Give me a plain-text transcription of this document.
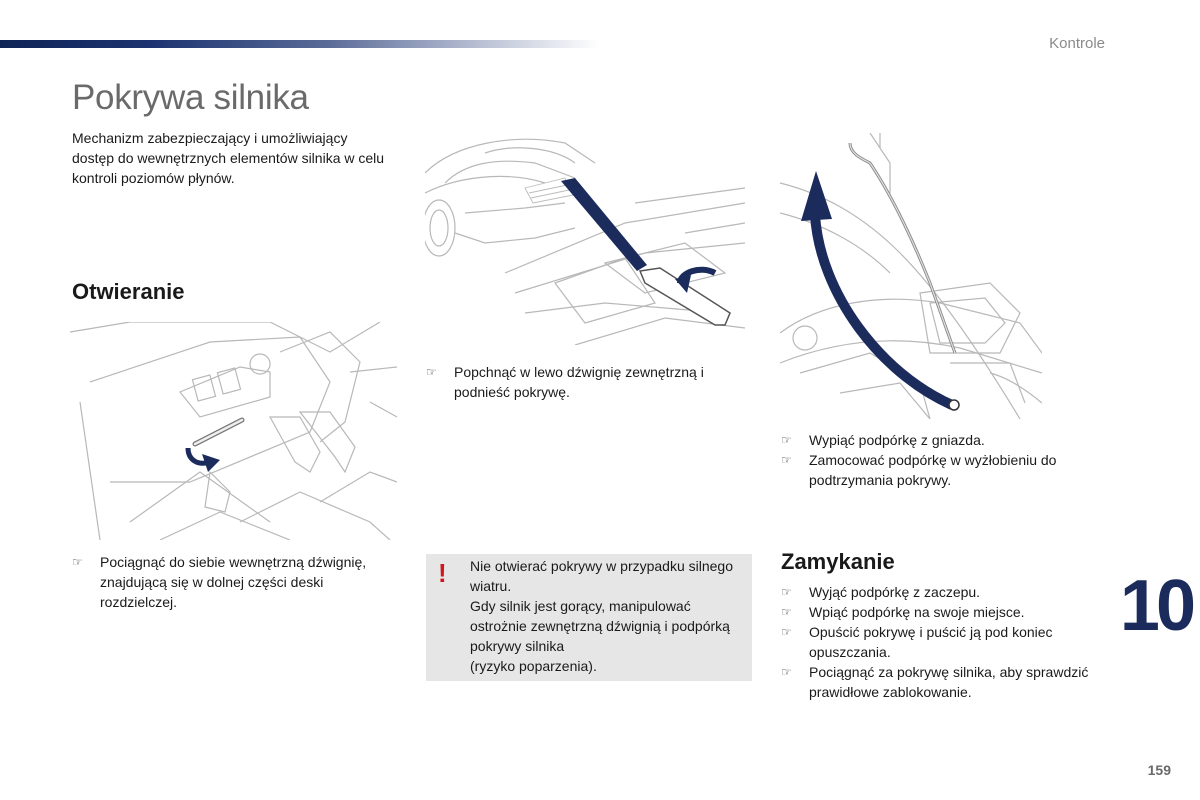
Kontrole
Pokrywa silnika
Mechanizm zabezpieczający i umożliwiający dostęp do wewnętrznych elementów silnika w celu kontroli poziomów płynów.
Otwieranie
☞ Pociągnąć do siebie wewnętrzną dźwignię, znajdującą się w dolnej części deski rozdzielczej.
☞ Popchnąć w lewo dźwignię zewnętrzną i podnieść pokrywę.
☞ Wypiąć podpórkę z gniazda.
☞ Zamocować podpórkę w wyżłobieniu do podtrzymania pokrywy.
! Nie otwierać pokrywy w przypadku silnego wiatru.
Gdy silnik jest gorący, manipulować ostrożnie zewnętrzną dźwignią i podpórką pokrywy silnika
(ryzyko poparzenia).
Zamykanie
☞ Wyjąć podpórkę z zaczepu.
☞ Wpiąć podpórkę na swoje miejsce.
☞ Opuścić pokrywę i puścić ją pod koniec opuszczania.
☞ Pociągnąć za pokrywę silnika, aby sprawdzić prawidłowe zablokowanie.
10
159
